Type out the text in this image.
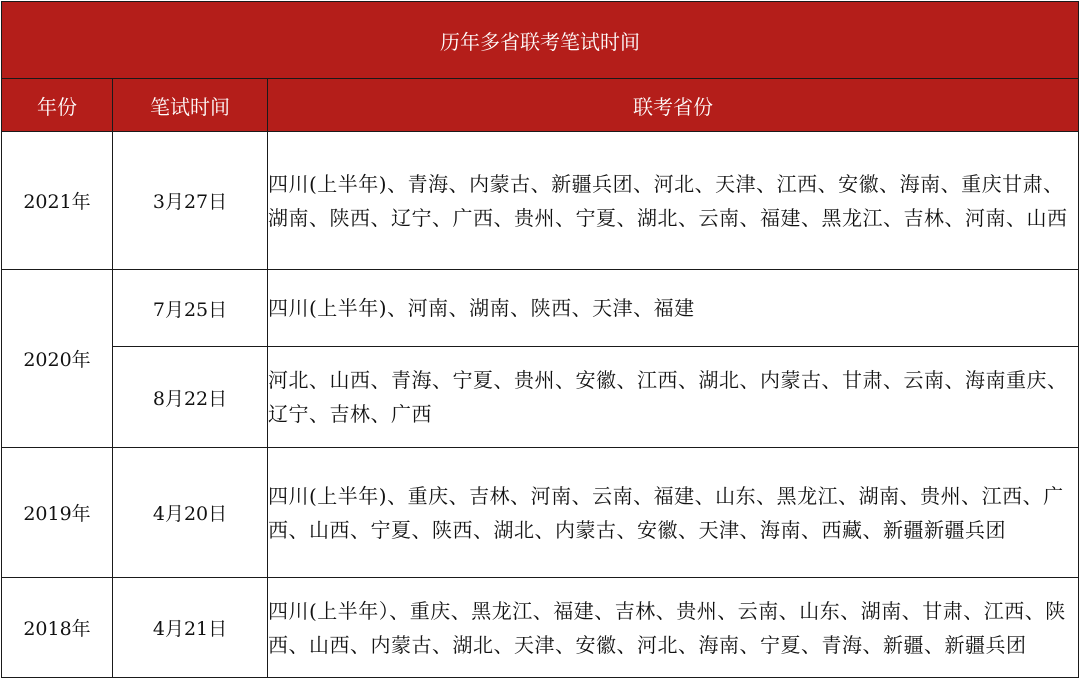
历年多省联考笔试时间		
年份	笔试时间	联考省份
2021年	3月27日	四川(上半年)、青海、内蒙古、新疆兵团、河北、天津、江西、安徽、海南、重庆甘肃、湖南、陕西、辽宁、广西、贵州、宁夏、湖北、云南、福建、黑龙江、吉林、河南、山西
2020年	7月25日	四川(上半年)、河南、湖南、陕西、天津、福建
	8月22日	河北、山西、青海、宁夏、贵州、安徽、江西、湖北、内蒙古、甘肃、云南、海南重庆、辽宁、吉林、广西
2019年	4月20日	四川(上半年)、重庆、吉林、河南、云南、福建、山东、黑龙江、湖南、贵州、江西、广西、山西、宁夏、陕西、湖北、内蒙古、安徽、天津、海南、西藏、新疆新疆兵团
2018年	4月21日	四川(上半年）、重庆、黑龙江、福建、吉林、贵州、云南、山东、湖南、甘肃、江西、陕西、山西、内蒙古、湖北、天津、安徽、河北、海南、宁夏、青海、新疆、新疆兵团
